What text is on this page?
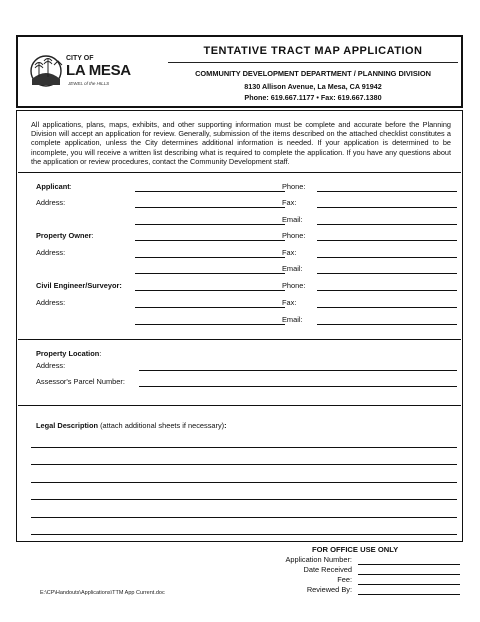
CITY OF
LA MESA
JEWEL of the HILLS
TENTATIVE TRACT MAP APPLICATION
COMMUNITY DEVELOPMENT DEPARTMENT / PLANNING DIVISION
8130 Allison Avenue, La Mesa, CA 91942
Phone: 619.667.1177 • Fax: 619.667.1380
All applications, plans, maps, exhibits, and other supporting information must be complete and accurate before the Planning Division will accept an application for review. Generally, submission of the items described on the attached checklist constitutes a complete application, unless the City determines additional information is needed. If your application is determined to be incomplete, you will receive a written list describing what is required to complete the application. If you have any questions about the application or review procedures, contact the Community Development staff.
Applicant:	Phone:
Address:	Fax:
Email:
Property Owner:	Phone:
Address:	Fax:
Email:
Civil Engineer/Surveyor:	Phone:
Address:	Fax:
Email:
Property Location:
Address:
Assessor's Parcel Number:
Legal Description (attach additional sheets if necessary):
FOR OFFICE USE ONLY
Application Number:
Date Received
Fee:
Reviewed By:
E:\CP\Handouts\Applications\TTM App Current.doc
